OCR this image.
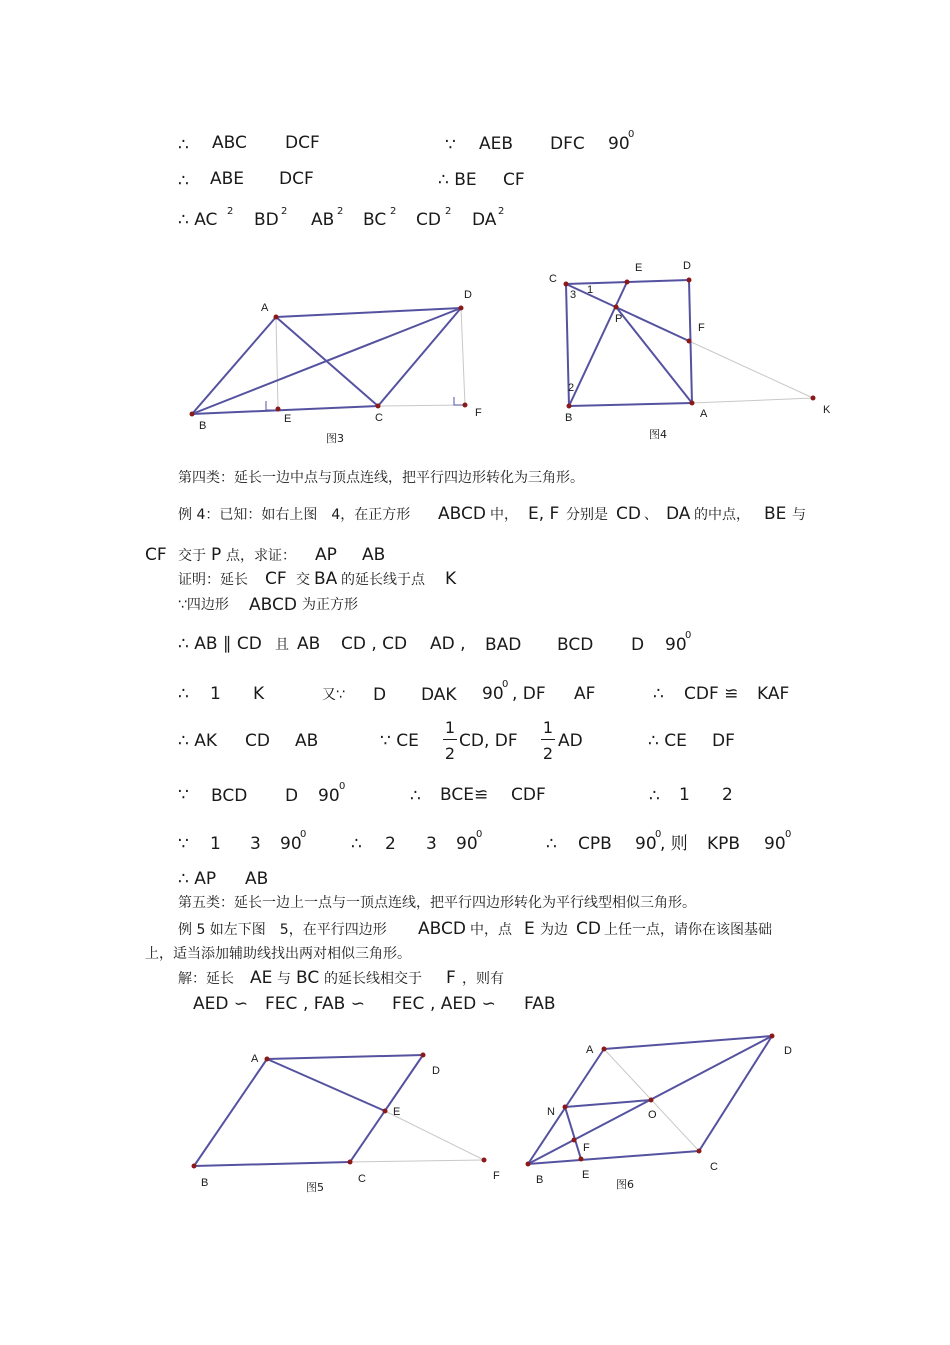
∴ ABC DCF	∵ AEB DFC 90
0
∴ ABE DCF	∴ BE CF
∴ AC 2 BD 2 AB 2 BC 2 CD 2 DA 2
A
D
B
E	C	F
图3
C
E	D
3 1
P
F
2
B	A	K
图4
A
D
E
B	C	F
图5
A	D
N	O
F
E
C
B	图6
第四类：延长一边中点与顶点连线，把平行四边形转化为三角形。
例 4：已知：如右上图　4，在正方形 ABCD 中， E, F 分别是 CD 、 DA 的中点， BE 与
CF 交于 P 点，求证： AP AB
证明：延长 CF 交 BA 的延长线于点 K
∵四边形 ABCD 为正方形
∴ AB ∥ CD 且 AB CD , CD AD , BAD BCD D 90
0
∴ 1 K	又∵ D DAK 90
0 , DF AF	∴ CDF ≌ KAF
∴ AK CD AB	∵ CE
1
2
CD, DF
1
2
AD	∴ CE DF
∵ BCD D 90 0	∴ BCE≌ CDF	∴ 1 2
∵ 1 3 90
0	∴ 2 3 90
0	∴ CPB 90
0
, 则 KPB 90 0
∴ AP AB
第五类：延长一边上一点与一顶点连线，把平行四边形转化为平行线型相似三角形。
例 5 如左下图　5，在平行四边形 ABCD 中，点 E 为边 CD 上任一点，请你在该图基础
上，适当添加辅助线找出两对相似三角形。
解：延长 AE 与 BC 的延长线相交于 F ，则有
AED ∽ FEC , FAB ∽ FEC , AED ∽ FAB
